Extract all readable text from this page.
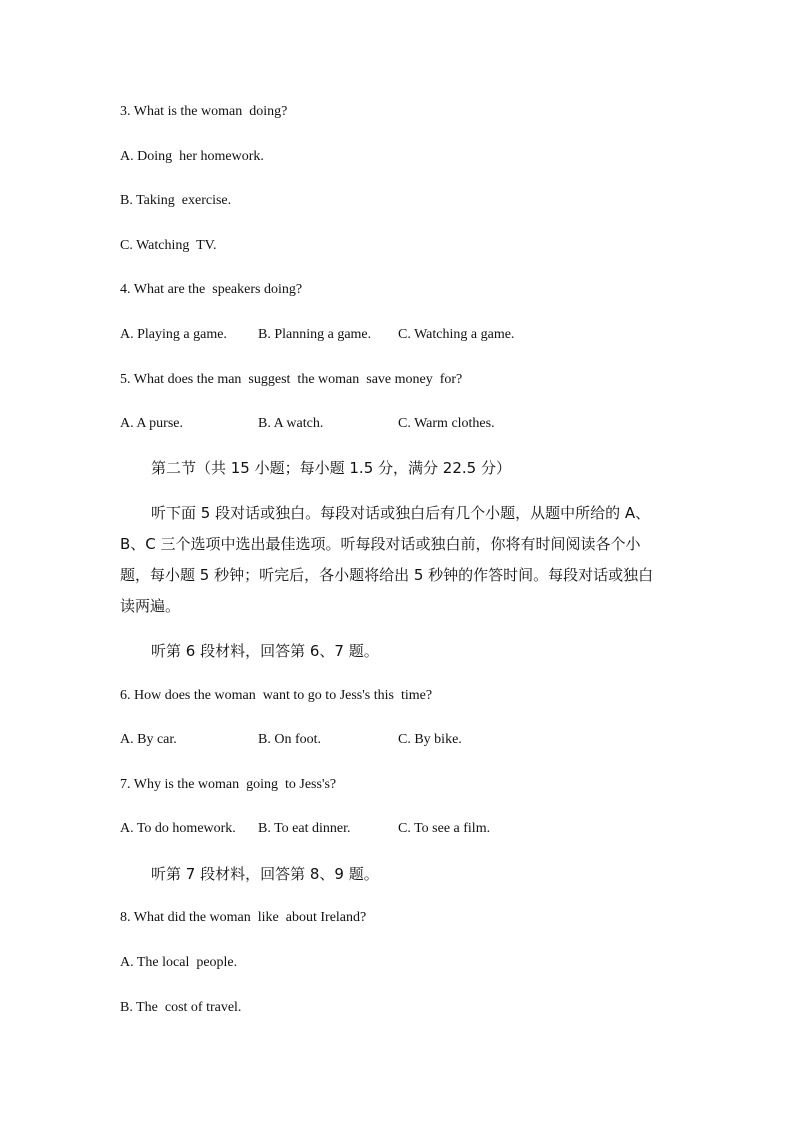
3. What is the woman  doing?
A. Doing  her homework.
B. Taking  exercise.
C. Watching  TV.
4. What are the  speakers doing?
A. Playing a game. B. Planning a game. C. Watching a game.
5. What does the man  suggest  the woman  save money  for?
A. A purse.	B. A watch.	C. Warm clothes.
第二节（共 15 小题；每小题 1.5 分，满分 22.5 分）
听下面 5 段对话或独白。每段对话或独白后有几个小题，从题中所给的 A、
B、C 三个选项中选出最佳选项。听每段对话或独白前，你将有时间阅读各个小
题，每小题 5 秒钟；听完后，各小题将给出 5 秒钟的作答时间。每段对话或独白
读两遍。
听第 6 段材料，回答第 6、7 题。
6. How does the woman  want to go to Jess's this  time?
A. By car.	B. On foot.	C. By bike.
7. Why is the woman  going  to Jess's?
A. To do homework. B. To eat dinner.	C. To see a film.
听第 7 段材料，回答第 8、9 题。
8. What did the woman  like  about Ireland?
A. The local  people.
B. The  cost of travel.
